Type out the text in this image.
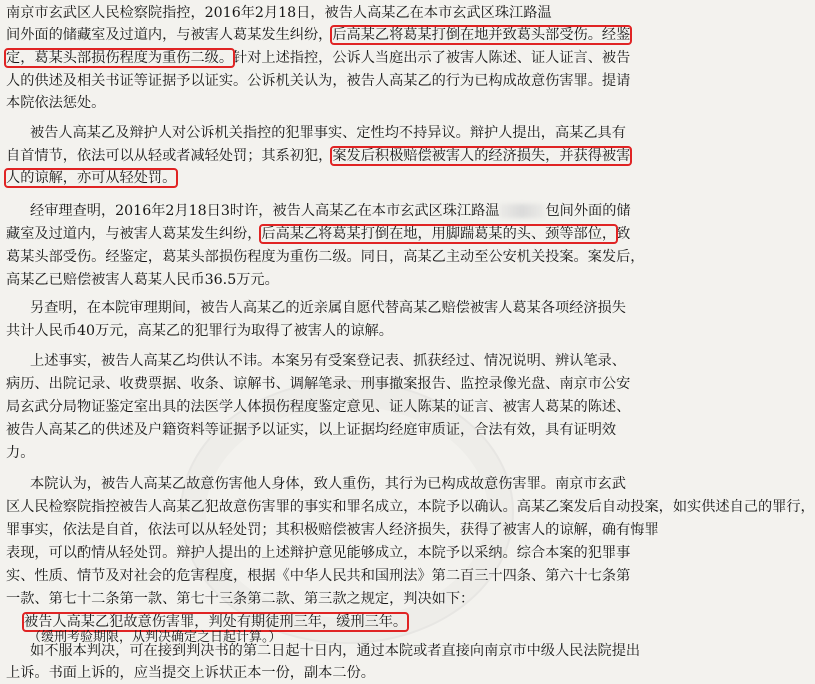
南京市玄武区人民检察院指控，2016年2月18日，被告人高某乙在本市玄武区珠江路温
间外面的储藏室及过道内，与被害人葛某发生纠纷，后高某乙将葛某打倒在地并致葛头部受伤。经鉴
定，葛某头部损伤程度为重伤二级。针对上述指控，公诉人当庭出示了被害人陈述、证人证言、被告
人的供述及相关书证等证据予以证实。公诉机关认为，被告人高某乙的行为已构成故意伤害罪。提请
本院依法惩处。
被告人高某乙及辩护人对公诉机关指控的犯罪事实、定性均不持异议。辩护人提出，高某乙具有
自首情节，依法可以从轻或者减轻处罚；其系初犯，案发后积极赔偿被害人的经济损失，并获得被害
人的谅解，亦可从轻处罚。
经审理查明，2016年2月18日3时许，被告人高某乙在本市玄武区珠江路温	包间外面的储
藏室及过道内，与被害人葛某发生纠纷，后高某乙将葛某打倒在地，用脚踹葛某的头、颈等部位，致
葛某头部受伤。经鉴定，葛某头部损伤程度为重伤二级。同日，高某乙主动至公安机关投案。案发后，
高某乙已赔偿被害人葛某人民币36.5万元。
另查明，在本院审理期间，被告人高某乙的近亲属自愿代替高某乙赔偿被害人葛某各项经济损失
共计人民币40万元，高某乙的犯罪行为取得了被害人的谅解。
上述事实，被告人高某乙均供认不讳。本案另有受案登记表、抓获经过、情况说明、辨认笔录、
病历、出院记录、收费票据、收条、谅解书、调解笔录、刑事撤案报告、监控录像光盘、南京市公安
局玄武分局物证鉴定室出具的法医学人体损伤程度鉴定意见、证人陈某的证言、被害人葛某的陈述、
被告人高某乙的供述及户籍资料等证据予以证实，以上证据均经庭审质证，合法有效，具有证明效
力。
本院认为，被告人高某乙故意伤害他人身体，致人重伤，其行为已构成故意伤害罪。南京市玄武
区人民检察院指控被告人高某乙犯故意伤害罪的事实和罪名成立，本院予以确认。高某乙案发后自动投案，如实供述自己的罪行，
罪事实，依法是自首，依法可以从轻处罚；其积极赔偿被害人经济损失，获得了被害人的谅解，确有悔罪
表现，可以酌情从轻处罚。辩护人提出的上述辩护意见能够成立，本院予以采纳。综合本案的犯罪事
实、性质、情节及对社会的危害程度，根据《中华人民共和国刑法》第二百三十四条、第六十七条第
一款、第七十二条第一款、第七十三条第二款、第三款之规定，判决如下：
被告人高某乙犯故意伤害罪，判处有期徒刑三年，缓刑三年。
（缓刑考验期限，从判决确定之日起计算。）
如不服本判决，可在接到判决书的第二日起十日内，通过本院或者直接向南京市中级人民法院提出
上诉。书面上诉的，应当提交上诉状正本一份，副本二份。
